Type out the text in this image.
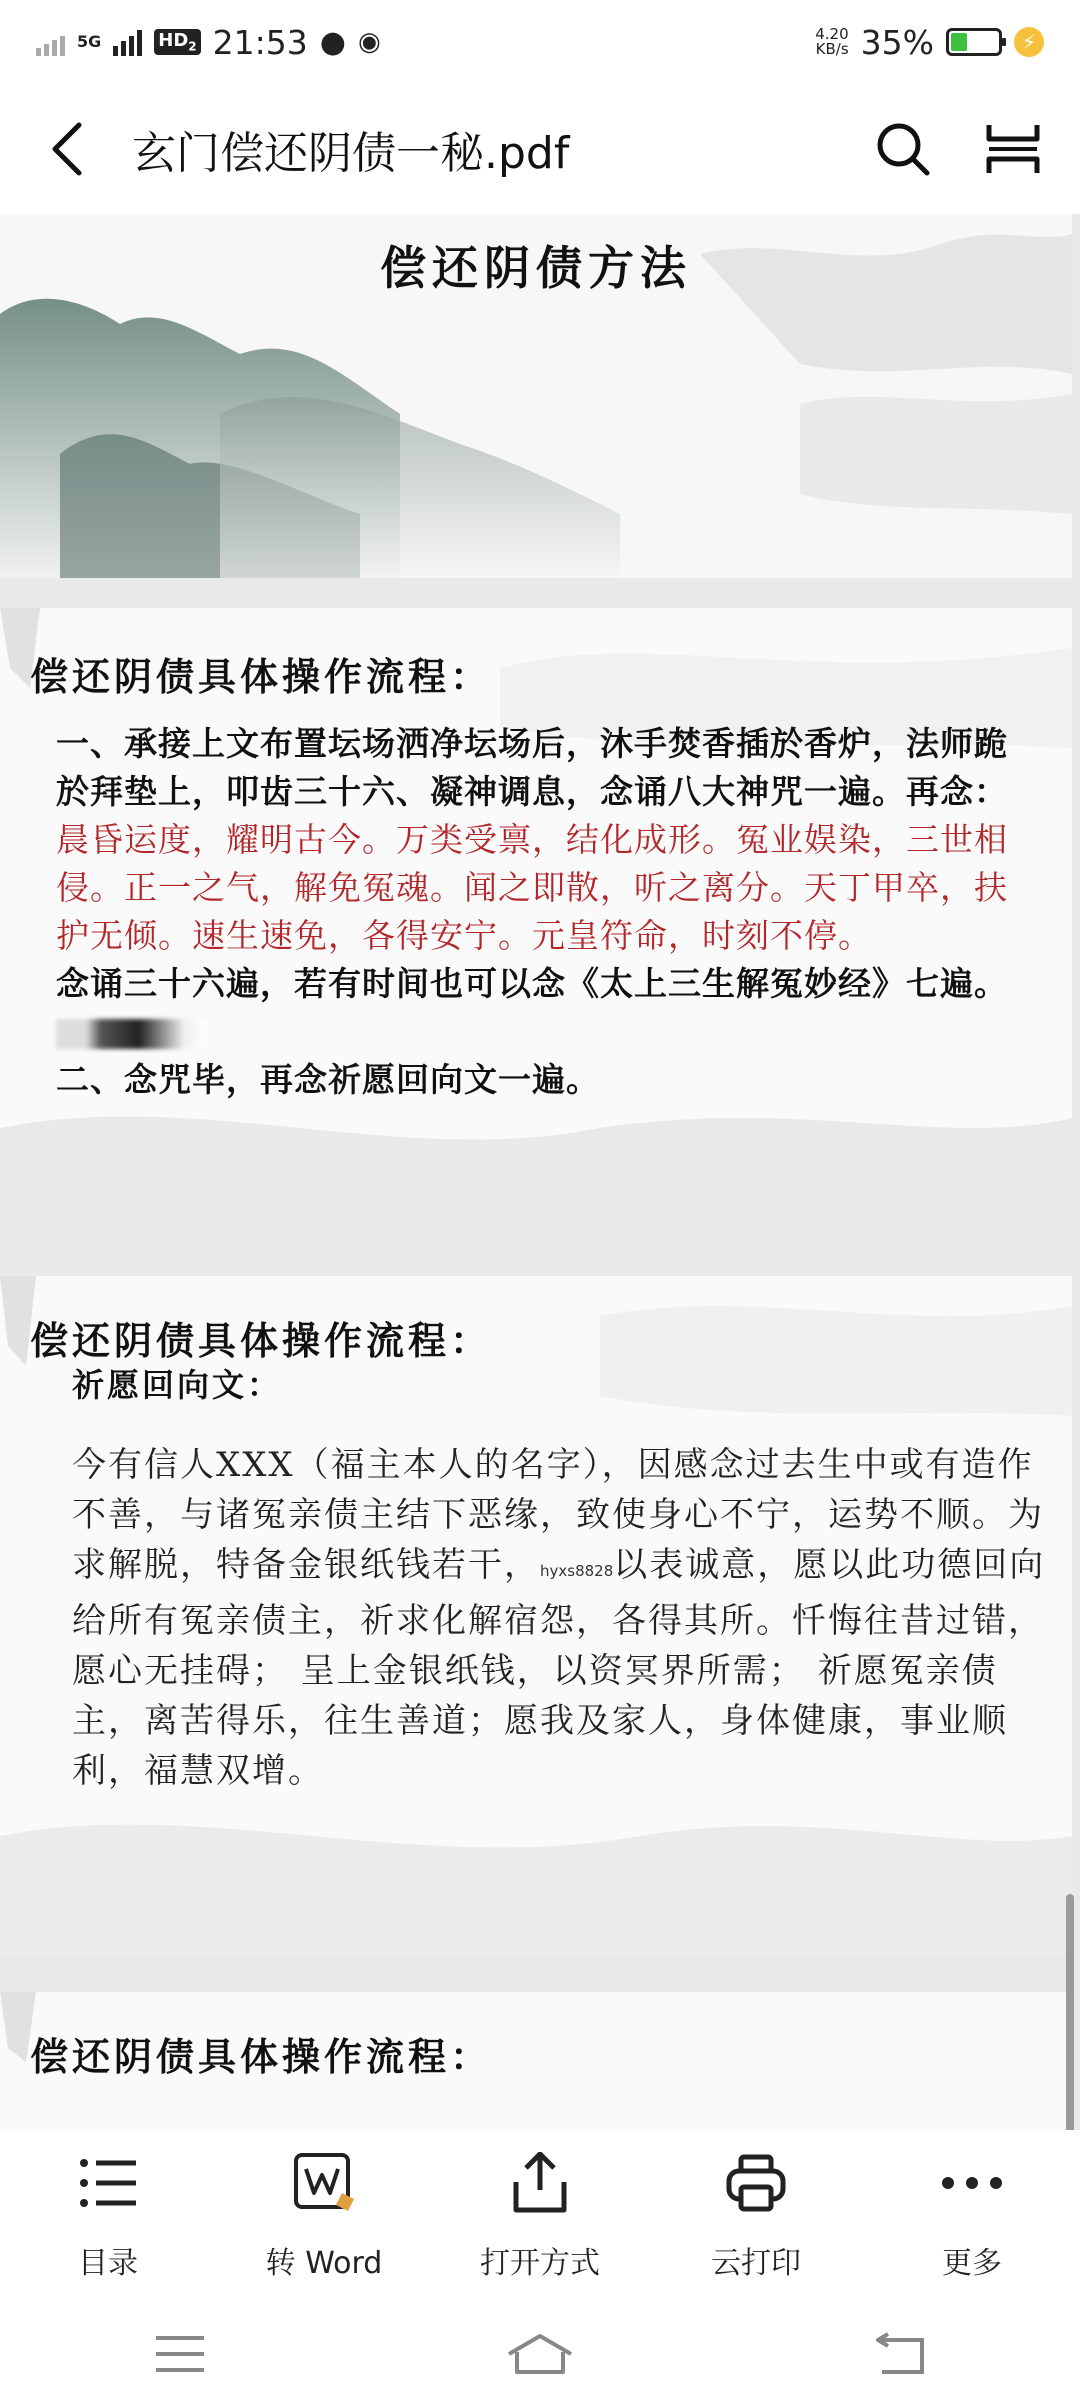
5G	$HD_2$ 21:53 ● ◉	4.20
KB/s 35%	⚡
玄门偿还阴债一秘.pdf
偿还阴债方法
偿还阴债具体操作流程：
一、承接上文布置坛场洒净坛场后，沐手焚香插於香炉，法师跪於拜垫上，叩齿三十六、凝神调息，念诵八大神咒一遍。再念：
晨昏运度，耀明古今。万类受禀，结化成形。冤业娱染，三世相侵。正一之气，解免冤魂。闻之即散，听之离分。天丁甲卒，扶护无倾。速生速免，各得安宁。元皇符命，时刻不停。
念诵三十六遍，若有时间也可以念《太上三生解冤妙经》七遍。
二、念咒毕，再念祈愿回向文一遍。
偿还阴债具体操作流程：
祈愿回向文：
今有信人XXX（福主本人的名字），因感念过去生中或有造作不善，与诸冤亲债主结下恶缘，致使身心不宁，运势不顺。为求解脱，特备金银纸钱若干，hyxs8828以表诚意，愿以此功德回向给所有冤亲债主，祈求化解宿怨，各得其所。忏悔往昔过错，愿心无挂碍； 呈上金银纸钱，以资冥界所需； 祈愿冤亲债主，离苦得乐，往生善道；愿我及家人，身体健康，事业顺利，福慧双增。
偿还阴债具体操作流程：
目录	转 Word	打开方式	云打印	更多
